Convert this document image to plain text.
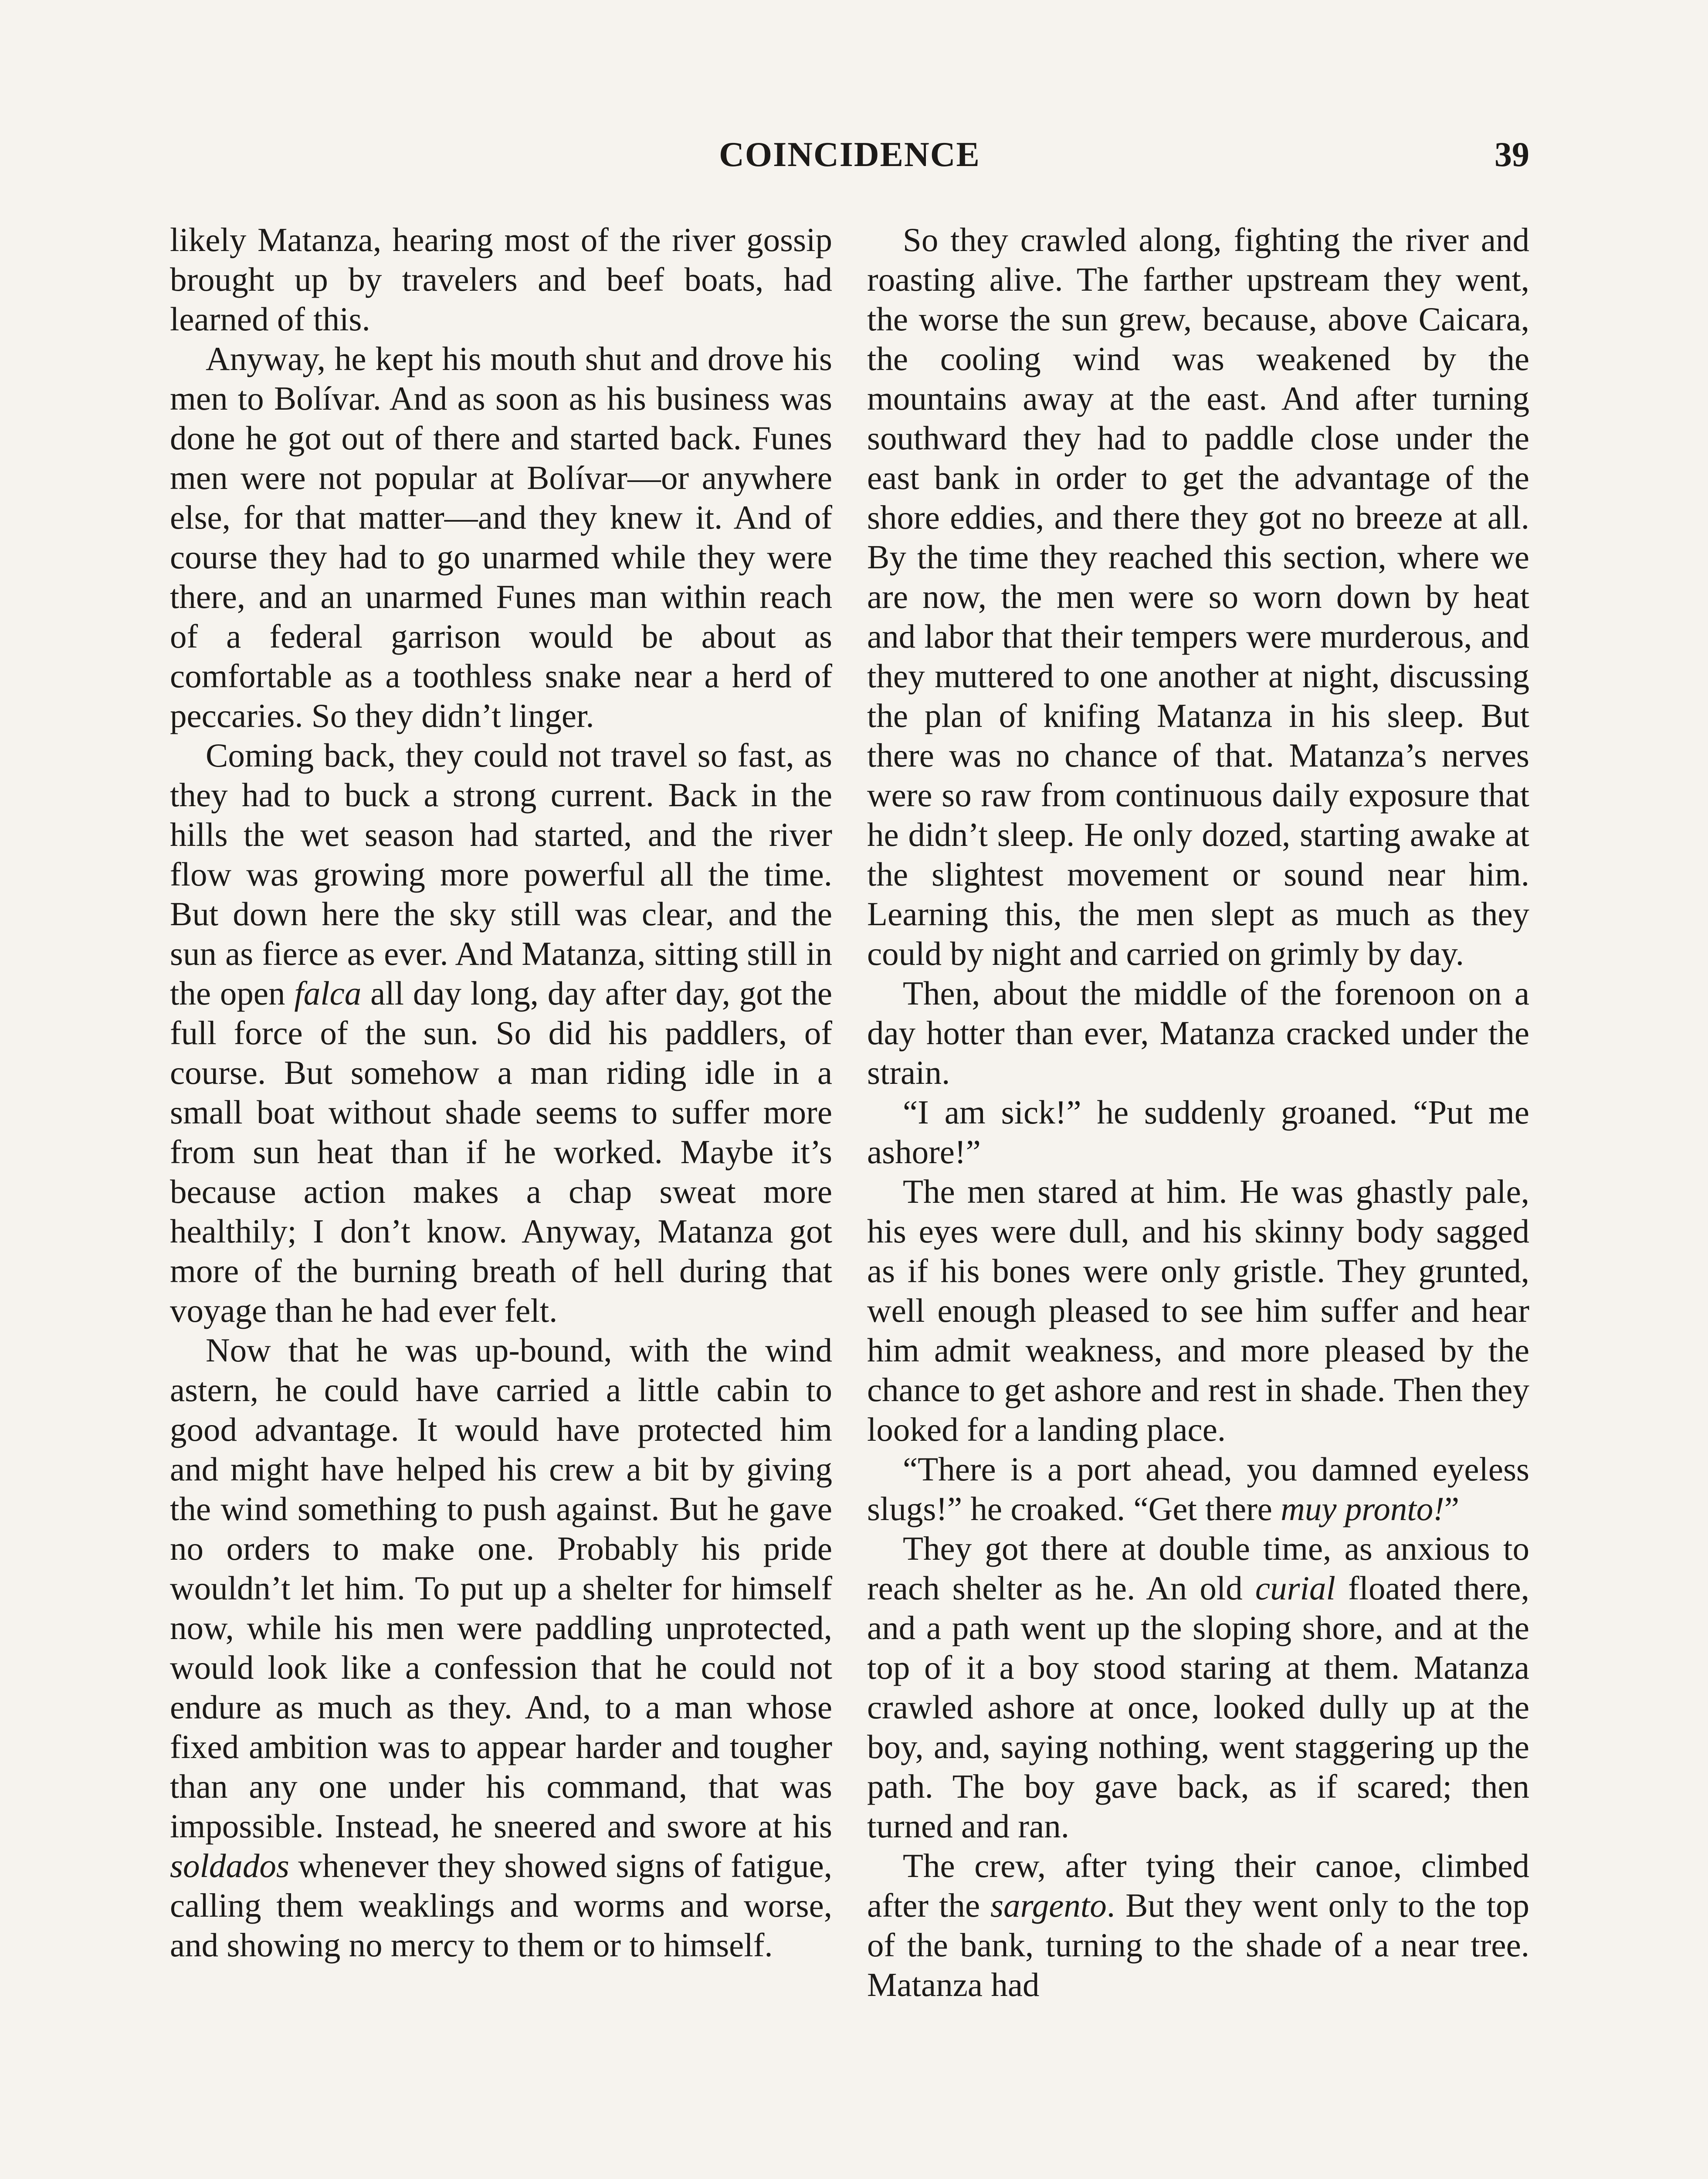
COINCIDENCE	39

likely Matanza, hearing most of the river gossip brought up by travelers and beef boats, had learned of this.

Anyway, he kept his mouth shut and drove his men to Bolívar. And as soon as his business was done he got out of there and started back. Funes men were not popular at Bolívar—or anywhere else, for that matter—and they knew it. And of course they had to go unarmed while they were there, and an unarmed Funes man within reach of a federal garrison would be about as comfortable as a toothless snake near a herd of peccaries. So they didn’t linger.

Coming back, they could not travel so fast, as they had to buck a strong current. Back in the hills the wet season had started, and the river flow was growing more powerful all the time. But down here the sky still was clear, and the sun as fierce as ever. And Matanza, sitting still in the open falca all day long, day after day, got the full force of the sun. So did his paddlers, of course. But somehow a man riding idle in a small boat without shade seems to suffer more from sun heat than if he worked. Maybe it’s because action makes a chap sweat more healthily; I don’t know. Anyway, Matanza got more of the burning breath of hell during that voyage than he had ever felt.

Now that he was up-bound, with the wind astern, he could have carried a little cabin to good advantage. It would have protected him and might have helped his crew a bit by giving the wind something to push against. But he gave no orders to make one. Probably his pride wouldn’t let him. To put up a shelter for himself now, while his men were paddling unprotected, would look like a confession that he could not endure as much as they. And, to a man whose fixed ambition was to appear harder and tougher than any one under his command, that was impossible. Instead, he sneered and swore at his soldados whenever they showed signs of fatigue, calling them weaklings and worms and worse, and showing no mercy to them or to himself.

So they crawled along, fighting the river and roasting alive. The farther upstream they went, the worse the sun grew, because, above Caicara, the cooling wind was weakened by the mountains away at the east. And after turning southward they had to paddle close under the east bank in order to get the advantage of the shore eddies, and there they got no breeze at all. By the time they reached this section, where we are now, the men were so worn down by heat and labor that their tempers were murderous, and they muttered to one another at night, discussing the plan of knifing Matanza in his sleep. But there was no chance of that. Matanza’s nerves were so raw from continuous daily exposure that he didn’t sleep. He only dozed, starting awake at the slightest movement or sound near him. Learning this, the men slept as much as they could by night and carried on grimly by day.

Then, about the middle of the forenoon on a day hotter than ever, Matanza cracked under the strain.

“I am sick!” he suddenly groaned. “Put me ashore!”

The men stared at him. He was ghastly pale, his eyes were dull, and his skinny body sagged as if his bones were only gristle. They grunted, well enough pleased to see him suffer and hear him admit weakness, and more pleased by the chance to get ashore and rest in shade. Then they looked for a landing place.

“There is a port ahead, you damned eyeless slugs!” he croaked. “Get there muy pronto!”

They got there at double time, as anxious to reach shelter as he. An old curial floated there, and a path went up the sloping shore, and at the top of it a boy stood staring at them. Matanza crawled ashore at once, looked dully up at the boy, and, saying nothing, went staggering up the path. The boy gave back, as if scared; then turned and ran.

The crew, after tying their canoe, climbed after the sargento. But they went only to the top of the bank, turning to the shade of a near tree. Matanza had
